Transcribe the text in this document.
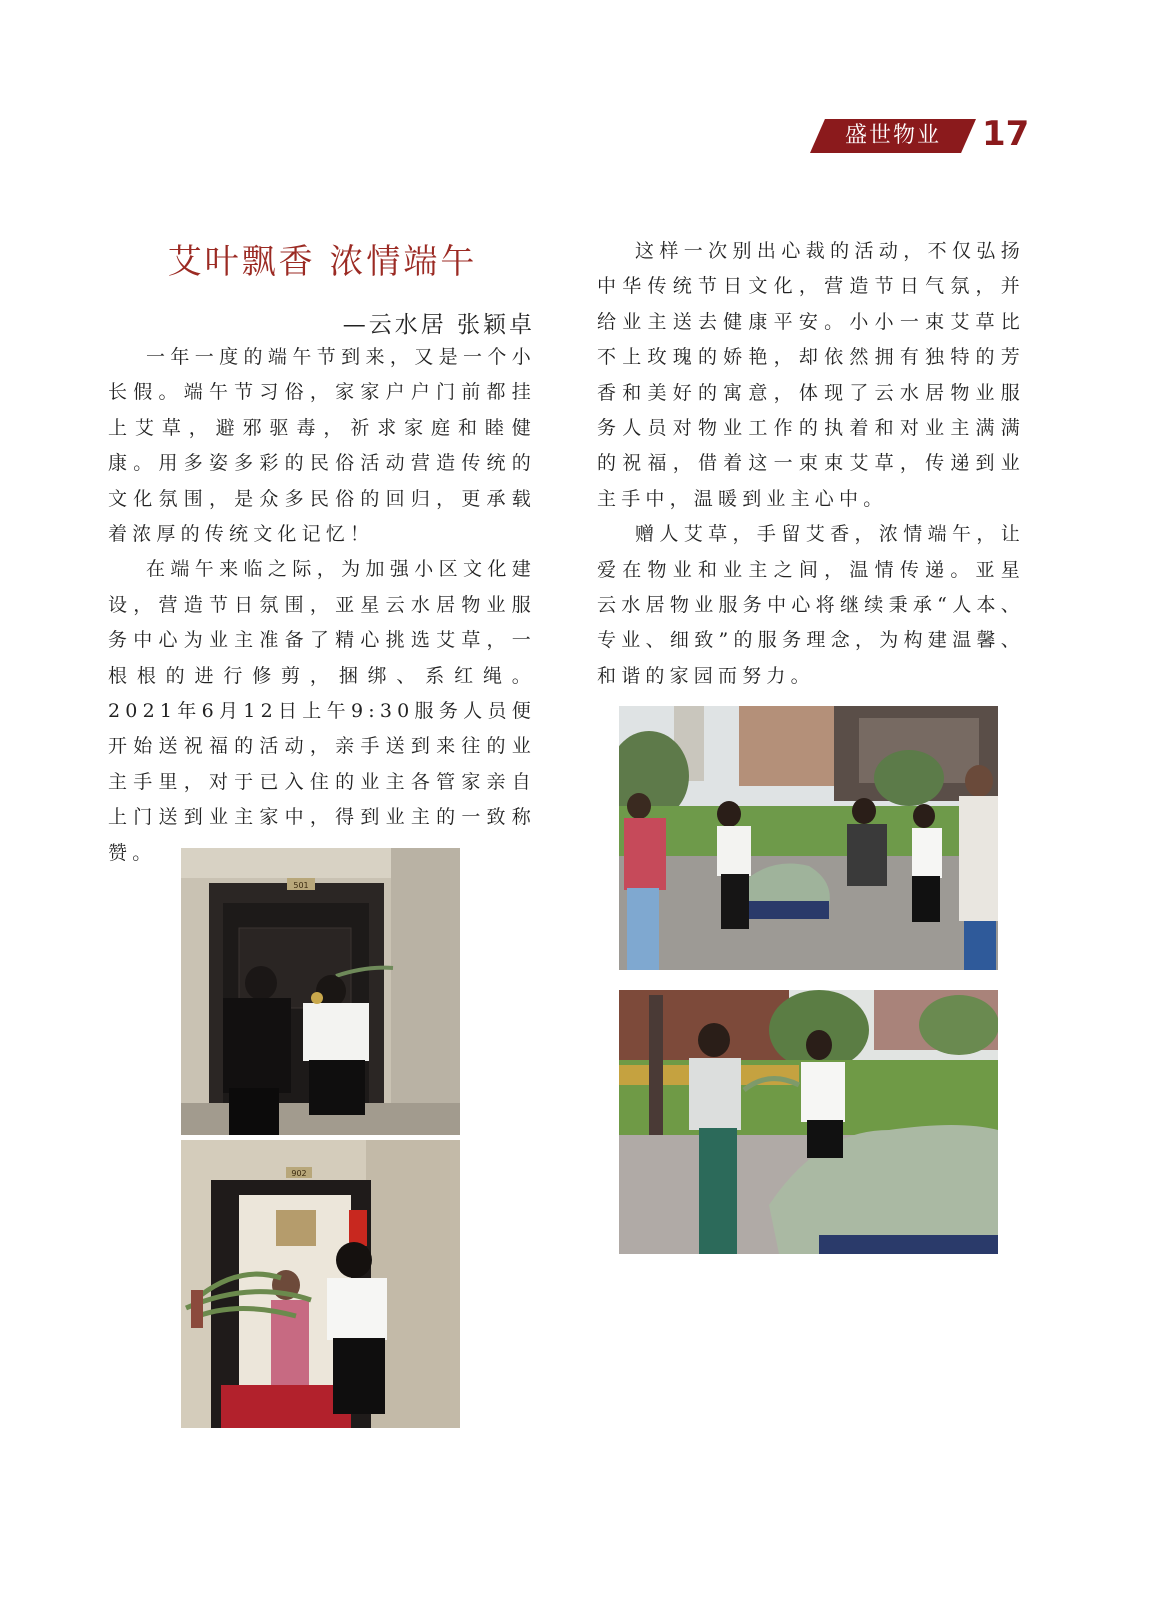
盛世物业	17
艾叶飘香 浓情端午
—云水居 张颖卓

一年一度的端午节到来，又是一个小长假。端午节习俗，家家户户门前都挂上艾草，避邪驱毒，祈求家庭和睦健康。用多姿多彩的民俗活动营造传统的文化氛围，是众多民俗的回归，更承载着浓厚的传统文化记忆！

在端午来临之际，为加强小区文化建设，营造节日氛围，亚星云水居物业服务中心为业主准备了精心挑选艾草，一根根的进行修剪，捆绑、系红绳。2021年6月12日上午9:30服务人员便开始送祝福的活动，亲手送到来往的业主手里，对于已入住的业主各管家亲自上门送到业主家中，得到业主的一致称赞。

这样一次别出心裁的活动，不仅弘扬中华传统节日文化，营造节日气氛，并给业主送去健康平安。小小一束艾草比不上玫瑰的娇艳，却依然拥有独特的芳香和美好的寓意，体现了云水居物业服务人员对物业工作的执着和对业主满满的祝福，借着这一束束艾草，传递到业主手中，温暖到业主心中。

赠人艾草，手留艾香，浓情端午，让爱在物业和业主之间，温情传递。亚星云水居物业服务中心将继续秉承“人本、专业、细致”的服务理念，为构建温馨、和谐的家园而努力。

501
902
